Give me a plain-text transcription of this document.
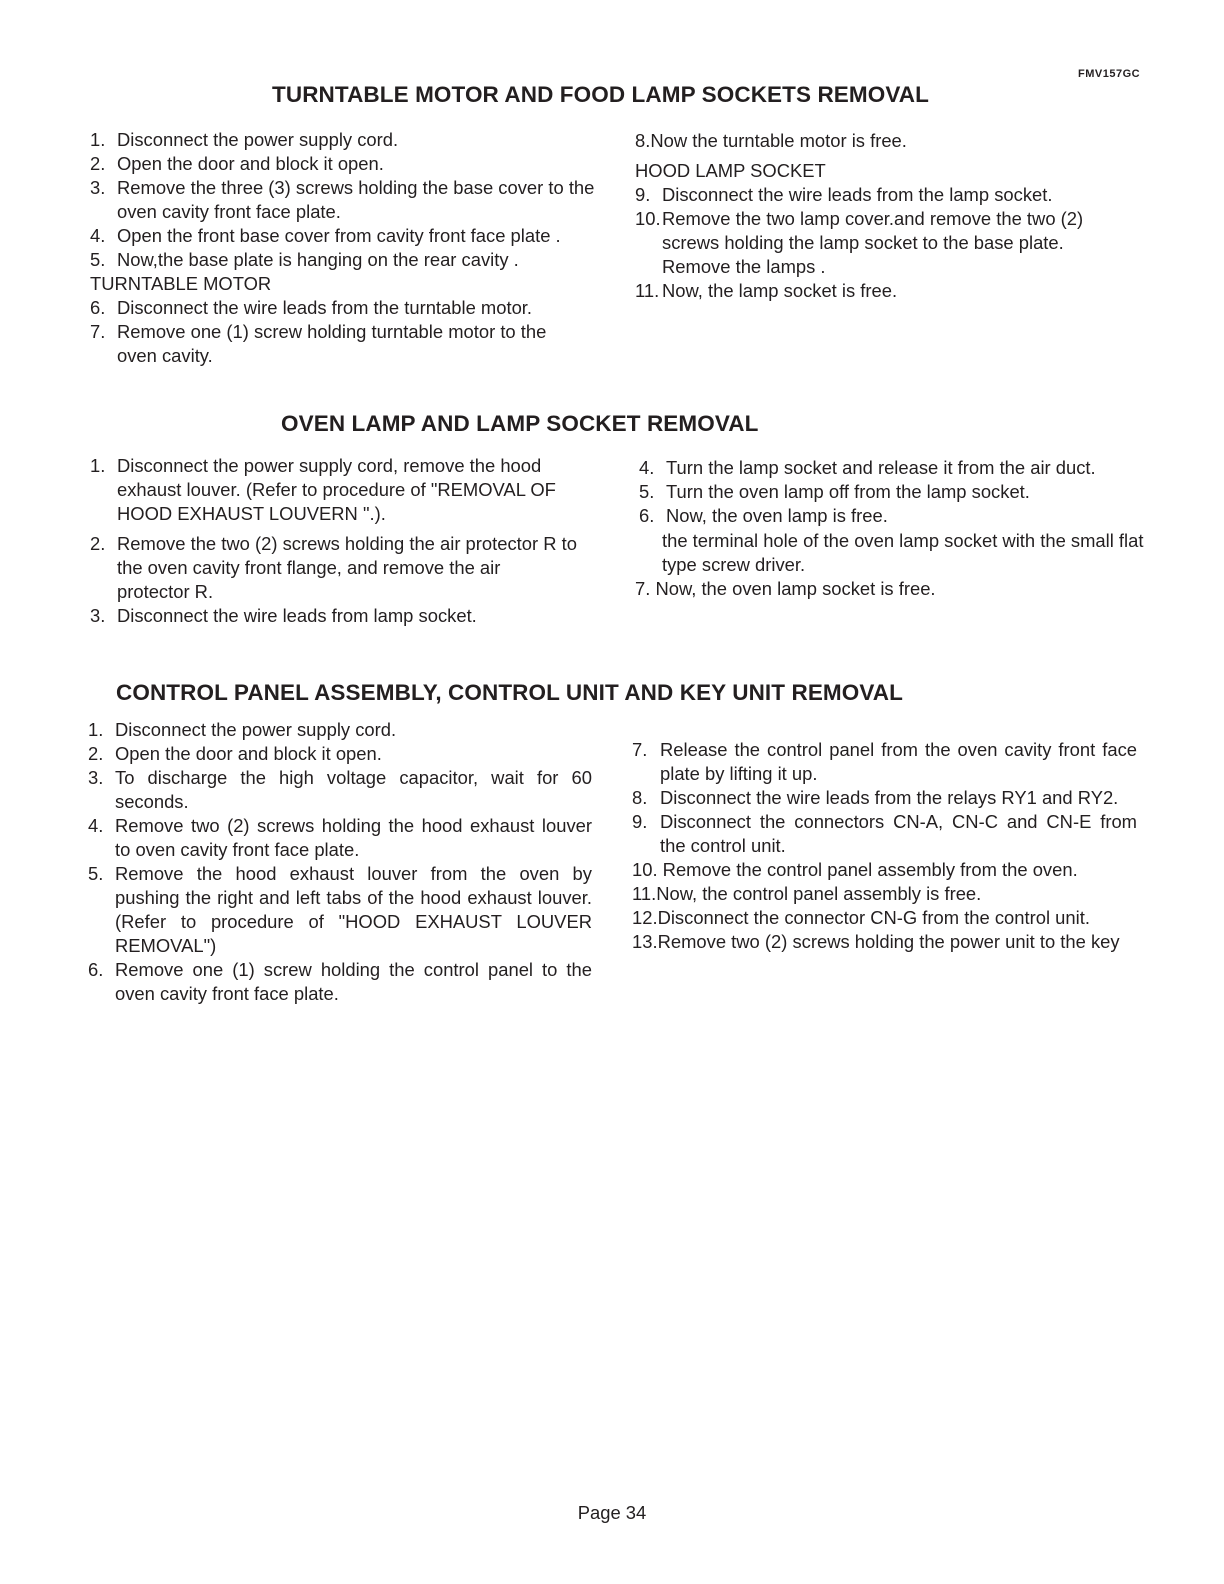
FMV157GC
TURNTABLE MOTOR AND FOOD LAMP SOCKETS REMOVAL
1. Disconnect the power supply cord.
2. Open the door and block it open.
3. Remove the three (3) screws holding the base cover to the oven cavity front face plate.
4. Open the front base cover from cavity front face plate .
5. Now,the base plate is hanging on the rear cavity .
TURNTABLE MOTOR
6. Disconnect the wire leads from the turntable motor.
7. Remove one (1) screw holding turntable motor to the oven cavity.
8.Now the turntable motor is free.
HOOD LAMP SOCKET
9. Disconnect the wire leads from the lamp socket.
10. Remove the two lamp cover.and remove the two (2) screws holding the lamp socket to the base plate. Remove the lamps .
11. Now, the lamp socket is free.
OVEN LAMP AND LAMP SOCKET REMOVAL
1. Disconnect the power supply cord, remove the hood exhaust louver. (Refer to procedure of "REMOVAL OF HOOD EXHAUST LOUVERN ".).
2. Remove the two (2) screws holding the air protector R to the oven cavity front flange, and remove the air protector R.
3. Disconnect the wire leads from lamp socket.
4. Turn the lamp socket and release it from the air duct.
5. Turn the oven lamp off from the lamp socket.
6. Now, the oven lamp is free.
the terminal hole of the oven lamp socket with the small flat type screw driver.
7. Now, the oven lamp socket is free.
CONTROL PANEL ASSEMBLY, CONTROL UNIT AND KEY UNIT REMOVAL
1. Disconnect the power supply cord.
2. Open the door and block it open.
3. To discharge the high voltage capacitor, wait for 60 seconds.
4. Remove two (2) screws holding the hood exhaust louver to oven cavity front face plate.
5. Remove the hood exhaust louver from the oven by pushing the right and left tabs of the hood exhaust louver. (Refer to procedure of "HOOD EXHAUST LOUVER REMOVAL")
6. Remove one (1) screw holding the control panel to the oven cavity front face plate.
7. Release the control panel from the oven cavity front face plate by lifting it up.
8. Disconnect the wire leads from the relays RY1 and RY2.
9. Disconnect the connectors CN-A, CN-C and CN-E from the control unit.
10. Remove the control panel assembly from the oven.
11.Now, the control panel assembly is free.
12.Disconnect the connector CN-G from the control unit.
13.Remove two (2) screws holding the power unit to the key
Page 34
